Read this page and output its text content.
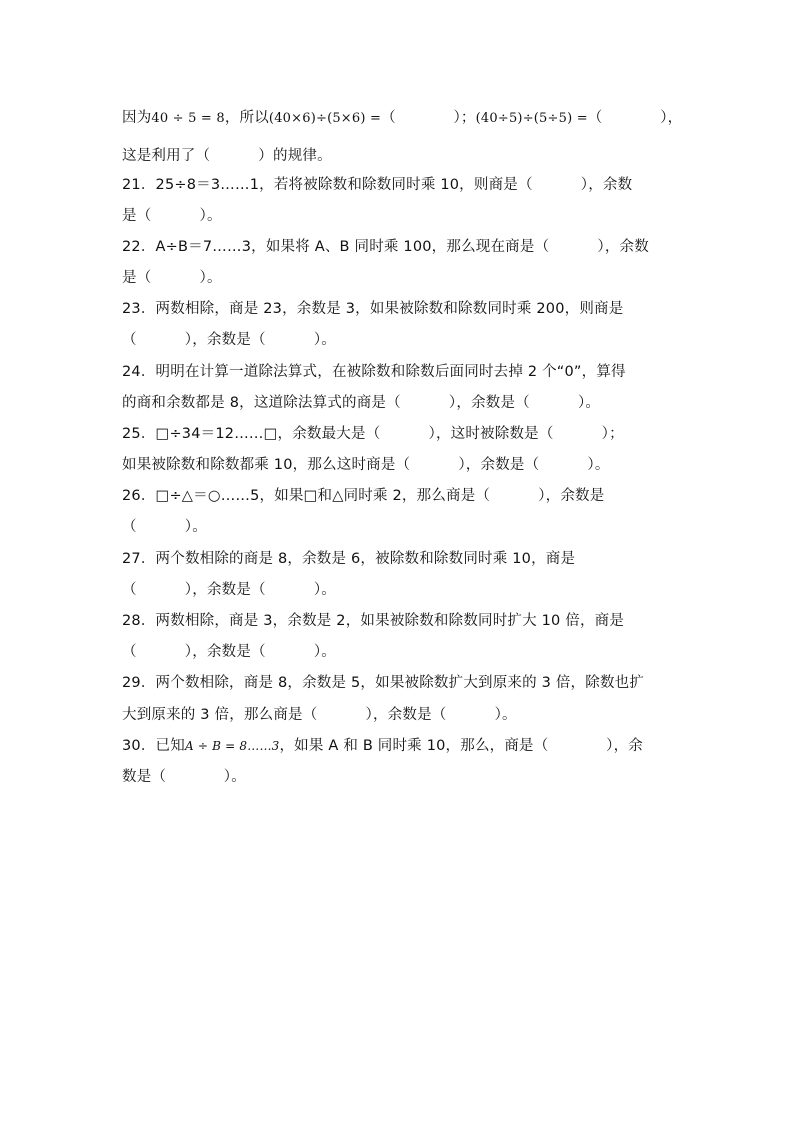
因为40 ÷ 5 = 8，所以(40×6)÷(5×6) =（            ）；(40÷5)÷(5÷5) =（            ），
这是利用了（          ）的规律。
21．25÷8＝3……1，若将被除数和除数同时乘 10，则商是（          ），余数
是（          ）。
22．A÷B＝7……3，如果将 A、B 同时乘 100，那么现在商是（          ），余数
是（          ）。
23．两数相除，商是 23，余数是 3，如果被除数和除数同时乘 200，则商是
（          ），余数是（          ）。
24．明明在计算一道除法算式，在被除数和除数后面同时去掉 2 个“0”，算得
的商和余数都是 8，这道除法算式的商是（          ），余数是（          ）。
25．□÷34＝12……□，余数最大是（          ），这时被除数是（          ）；
如果被除数和除数都乘 10，那么这时商是（          ），余数是（          ）。
26．□÷△＝○……5，如果□和△同时乘 2，那么商是（          ），余数是
（          ）。
27．两个数相除的商是 8，余数是 6，被除数和除数同时乘 10，商是
（          ），余数是（          ）。
28．两数相除，商是 3，余数是 2，如果被除数和除数同时扩大 10 倍，商是
（          ），余数是（          ）。
29．两个数相除，商是 8，余数是 5，如果被除数扩大到原来的 3 倍，除数也扩
大到原来的 3 倍，那么商是（          ），余数是（          ）。
30．已知A ÷ B = 8……3，如果 A 和 B 同时乘 10，那么，商是（            ），余
数是（            ）。
